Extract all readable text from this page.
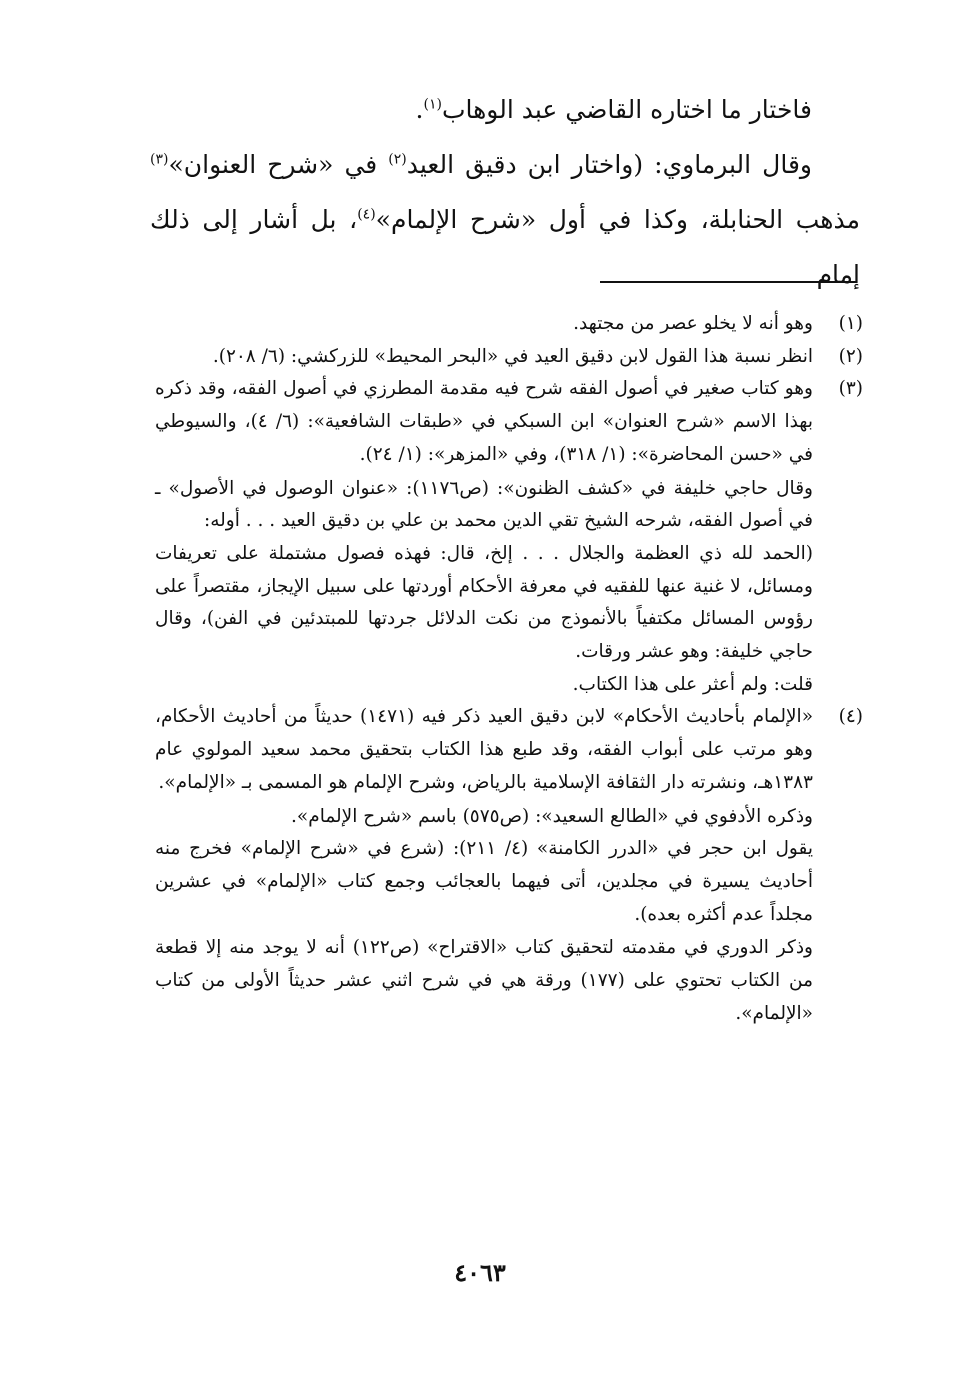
فاختار ما اختاره القاضي عبد الوهاب$^{(١)}$.

وقال البرماوي: (واختار ابن دقيق العيد$^{(٢)}$ في «شرح العنوان»$^{(٣)}$ مذهب الحنابلة، وكذا في أول «شرح الإلمام»$^{(٤)}$، بل أشار إلى ذلك إمام

(١)

وهو أنه لا يخلو عصر من مجتهد.

(٢)

انظر نسبة هذا القول لابن دقيق العيد في «البحر المحيط» للزركشي: (٦/ ٢٠٨).

(٣)

وهو كتاب صغير في أصول الفقه شرح فيه مقدمة المطرزي في أصول الفقه، وقد ذكره بهذا الاسم «شرح العنوان» ابن السبكي في «طبقات الشافعية»: (٦/ ٤)، والسيوطي في «حسن المحاضرة»: (١/ ٣١٨)، وفي «المزهر»: (١/ ٢٤).

وقال حاجي خليفة في «كشف الظنون»: (ص١١٧٦): «عنوان الوصول في الأصول» ـ في أصول الفقه، شرحه الشيخ تقي الدين محمد بن علي بن دقيق العيد . . . أوله:

(الحمد لله ذي العظمة والجلال . . . إلخ، قال: فهذه فصول مشتملة على تعريفات ومسائل، لا غنية عنها للفقيه في معرفة الأحكام أوردتها على سبيل الإيجاز، مقتصراً على رؤوس المسائل مكتفياً بالأنموذج من نكت الدلائل جردتها للمبتدئين في الفن)، وقال حاجي خليفة: وهو عشر ورقات.

قلت: ولم أعثر على هذا الكتاب.

(٤)

«الإلمام بأحاديث الأحكام» لابن دقيق العيد ذكر فيه (١٤٧١) حديثاً من أحاديث الأحكام، وهو مرتب على أبواب الفقه، وقد طبع هذا الكتاب بتحقيق محمد سعيد المولوي عام ١٣٨٣هـ، ونشرته دار الثقافة الإسلامية بالرياض، وشرح الإلمام هو المسمى بـ «الإلمام».

وذكره الأدفوي في «الطالع السعيد»: (ص٥٧٥) باسم «شرح الإلمام».

يقول ابن حجر في «الدرر الكامنة» (٤/ ٢١١): (شرع في «شرح الإلمام» فخرج منه أحاديث يسيرة في مجلدين، أتى فيهما بالعجائب وجمع كتاب «الإلمام» في عشرين مجلداً عدم أكثره بعده).

وذكر الدوري في مقدمته لتحقيق كتاب «الاقتراح» (ص١٢٢) أنه لا يوجد منه إلا قطعة من الكتاب تحتوي على (١٧٧) ورقة هي في شرح اثني عشر حديثاً الأولى من كتاب «الإلمام».

٤٠٦٣
